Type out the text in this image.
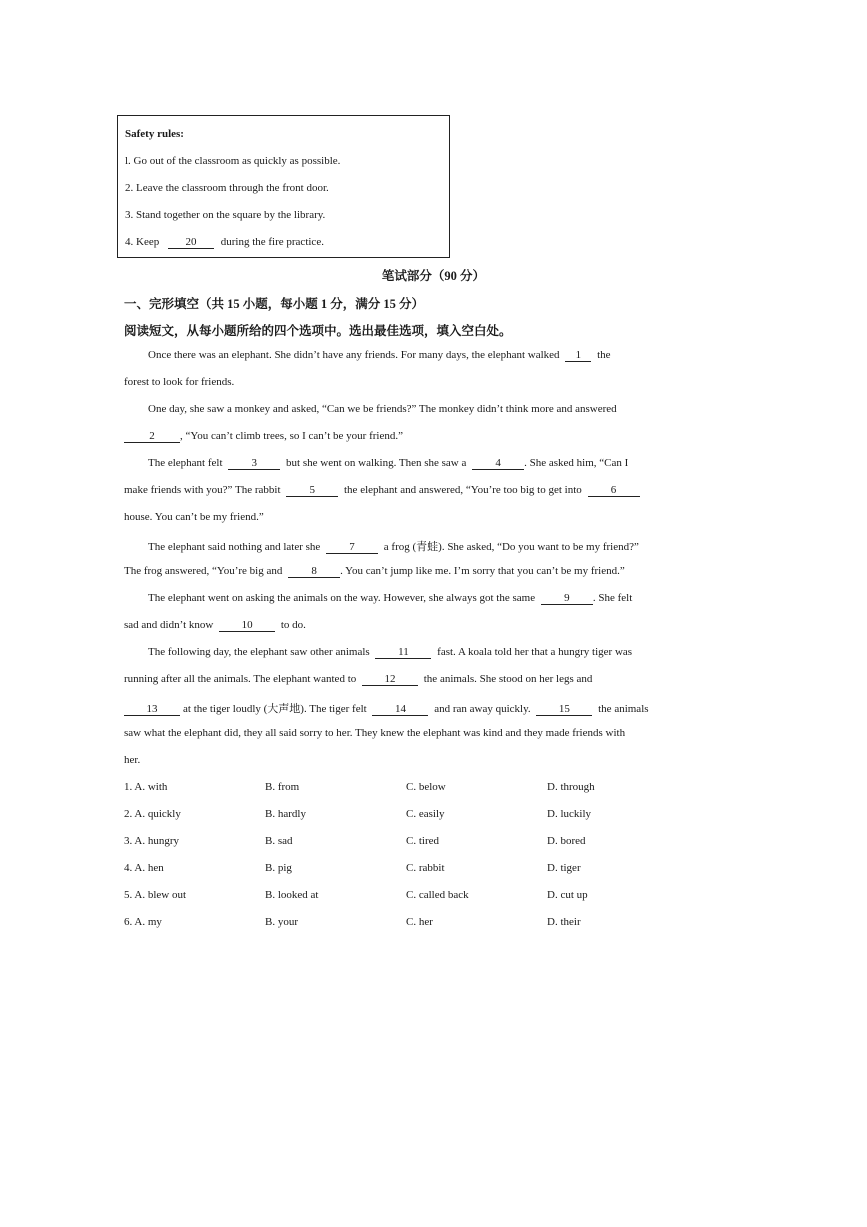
Safety rules:
l. Go out of the classroom as quickly as possible.
2. Leave the classroom through the front door.
3. Stand together on the square by the library.
4. Keep 20 during the fire practice.
笔试部分（90 分）
一、完形填空（共 15 小题，每小题 1 分，满分 15 分）
阅读短文，从每小题所给的四个选项中。选出最佳选项，填入空白处。
Once there was an elephant. She didn’t have any friends. For many days, the elephant walked 1 the
forest to look for friends.
One day, she saw a monkey and asked, “Can we be friends?” The monkey didn’t think more and answered
2 , “You can’t climb trees, so I can’t be your friend.”
The elephant felt	3	but she went on walking. Then she saw a	4 . She asked him, “Can I
make friends with you?” The rabbit	5	the elephant and answered, “You’re too big to get into	6
house. You can’t be my friend.”
The elephant said nothing and later she	7	a frog (青蛙). She asked, “Do you want to be my friend?”
The frog answered, “You’re big and	8 . You can’t jump like me. I’m sorry that you can’t be my friend.”
The elephant went on asking the animals on the way. However, she always got the same	9 . She felt
sad and didn’t know	10	to do.
The following day, the elephant saw other animals	11	fast. A koala told her that a hungry tiger was
running after all the animals. The elephant wanted to	12	the animals. She stood on her legs and
13 at the tiger loudly (大声地). The tiger felt	14	and ran away quickly.	15	the animals
saw what the elephant did, they all said sorry to her. They knew the elephant was kind and they made friends with
her.
1. A. with	B. from	C. below	D. through
2. A. quickly	B. hardly	C. easily	D. luckily
3. A. hungry	B. sad	C. tired	D. bored
4. A. hen	B. pig	C. rabbit	D. tiger
5. A. blew out	B. looked at	C. called back	D. cut up
6. A. my	B. your	C. her	D. their
